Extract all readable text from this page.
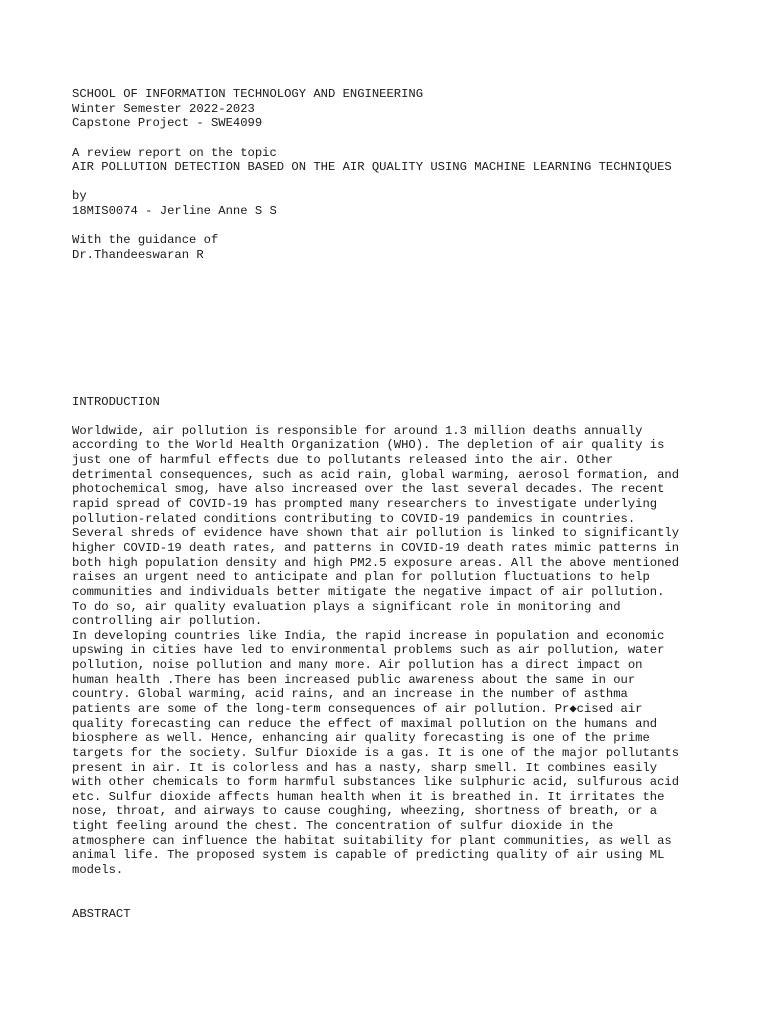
SCHOOL OF INFORMATION TECHNOLOGY AND ENGINEERING
Winter Semester 2022-2023
Capstone Project - SWE4099
A review report on the topic
AIR POLLUTION DETECTION BASED ON THE AIR QUALITY USING MACHINE LEARNING TECHNIQUES
by
18MIS0074 - Jerline Anne S S
With the guidance of
Dr.Thandeeswaran R
INTRODUCTION
Worldwide, air pollution is responsible for around 1.3 million deaths annually
according to the World Health Organization (WHO). The depletion of air quality is
just one of harmful effects due to pollutants released into the air. Other
detrimental consequences, such as acid rain, global warming, aerosol formation, and
photochemical smog, have also increased over the last several decades. The recent
rapid spread of COVID-19 has prompted many researchers to investigate underlying
pollution-related conditions contributing to COVID-19 pandemics in countries.
Several shreds of evidence have shown that air pollution is linked to significantly
higher COVID-19 death rates, and patterns in COVID-19 death rates mimic patterns in
both high population density and high PM2.5 exposure areas. All the above mentioned
raises an urgent need to anticipate and plan for pollution fluctuations to help
communities and individuals better mitigate the negative impact of air pollution.
To do so, air quality evaluation plays a significant role in monitoring and
controlling air pollution.
In developing countries like India, the rapid increase in population and economic
upswing in cities have led to environmental problems such as air pollution, water
pollution, noise pollution and many more. Air pollution has a direct impact on
human health .There has been increased public awareness about the same in our
country. Global warming, acid rains, and an increase in the number of asthma
patients are some of the long-term consequences of air pollution. Pr◆cised air
quality forecasting can reduce the effect of maximal pollution on the humans and
biosphere as well. Hence, enhancing air quality forecasting is one of the prime
targets for the society. Sulfur Dioxide is a gas. It is one of the major pollutants
present in air. It is colorless and has a nasty, sharp smell. It combines easily
with other chemicals to form harmful substances like sulphuric acid, sulfurous acid
etc. Sulfur dioxide affects human health when it is breathed in. It irritates the
nose, throat, and airways to cause coughing, wheezing, shortness of breath, or a
tight feeling around the chest. The concentration of sulfur dioxide in the
atmosphere can influence the habitat suitability for plant communities, as well as
animal life. The proposed system is capable of predicting quality of air using ML
models.
ABSTRACT
